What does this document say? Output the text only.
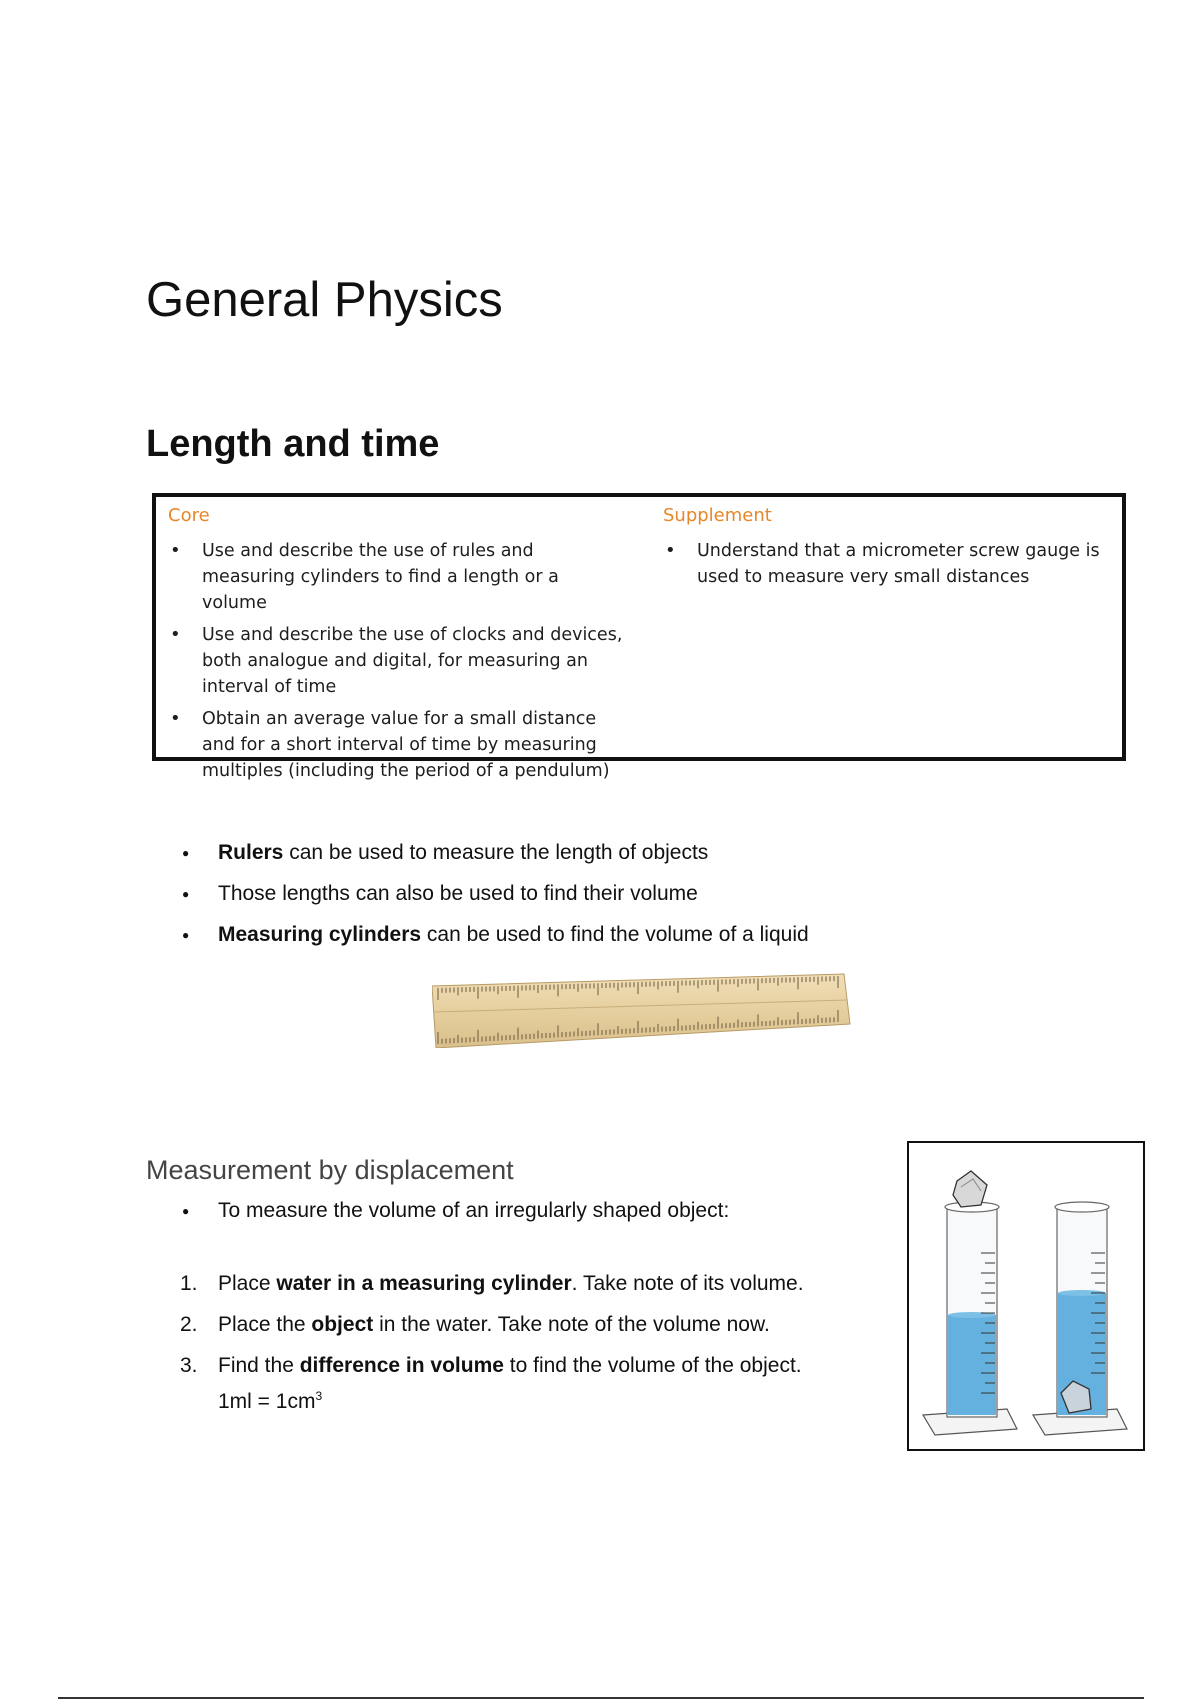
General Physics
Length and time
Core
• Use and describe the use of rules and measuring cylinders to find a length or a volume
• Use and describe the use of clocks and devices, both analogue and digital, for measuring an interval of time
• Obtain an average value for a small distance and for a short interval of time by measuring multiples (including the period of a pendulum)
Supplement
• Understand that a micrometer screw gauge is used to measure very small distances
● Rulers can be used to measure the length of objects
● Those lengths can also be used to find their volume
● Measuring cylinders can be used to find the volume of a liquid
Measurement by displacement
● To measure the volume of an irregularly shaped object:
1. Place water in a measuring cylinder. Take note of its volume.
2. Place the object in the water. Take note of the volume now.
3. Find the difference in volume to find the volume of the object.
$1ml = 1cm^3$
